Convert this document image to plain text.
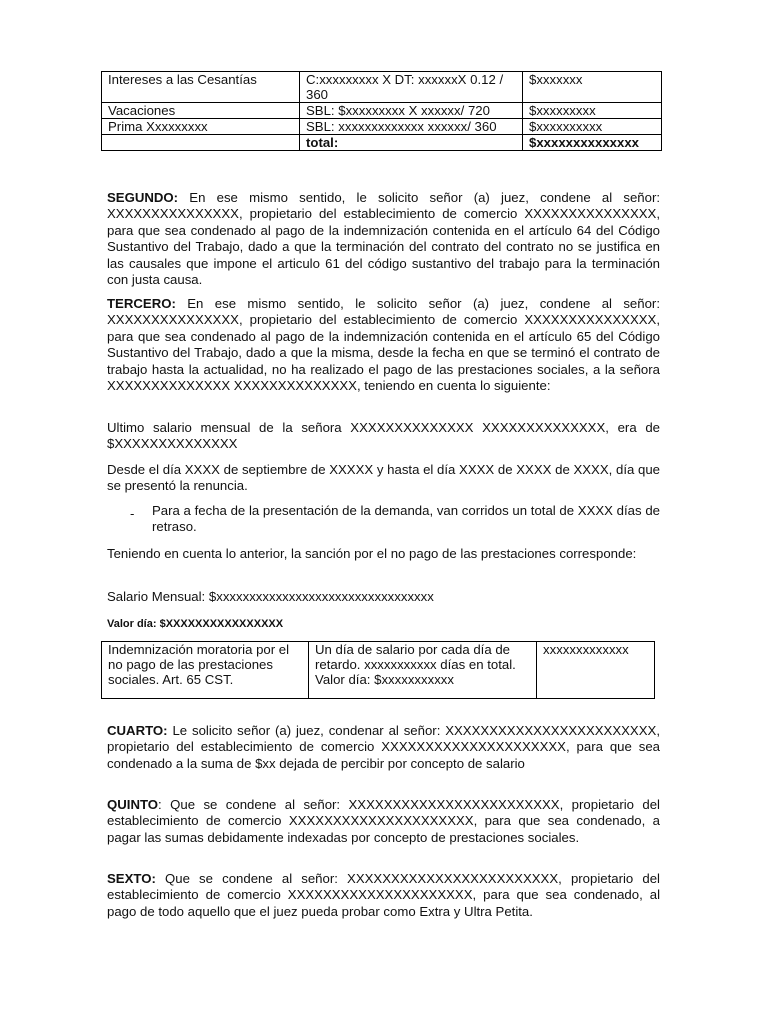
Intereses a las Cesantías	C:xxxxxxxxx X DT: xxxxxxX 0.12 / 360	$xxxxxxx
Vacaciones	SBL: $xxxxxxxxx X xxxxxx/ 720	$xxxxxxxxx
Prima Xxxxxxxxx	SBL: xxxxxxxxxxxxx xxxxxx/ 360	$xxxxxxxxxx
	total:	$xxxxxxxxxxxxxx

SEGUNDO: En ese mismo sentido, le solicito señor (a) juez, condene al señor: XXXXXXXXXXXXXXX, propietario del establecimiento de comercio XXXXXXXXXXXXXXX, para que sea condenado al pago de la indemnización contenida en el artículo 64 del Código Sustantivo del Trabajo, dado a que la terminación del contrato del contrato no se justifica en las causales que impone el articulo 61 del código sustantivo del trabajo para la terminación con justa causa.

TERCERO: En ese mismo sentido, le solicito señor (a) juez, condene al señor: XXXXXXXXXXXXXXX, propietario del establecimiento de comercio XXXXXXXXXXXXXXX, para que sea condenado al pago de la indemnización contenida en el artículo 65 del Código Sustantivo del Trabajo, dado a que la misma, desde la fecha en que se terminó el contrato de trabajo hasta la actualidad, no ha realizado el pago de las prestaciones sociales, a la señora XXXXXXXXXXXXXX XXXXXXXXXXXXXX, teniendo en cuenta lo siguiente:

Ultimo salario mensual de la señora XXXXXXXXXXXXXX XXXXXXXXXXXXXX, era de $XXXXXXXXXXXXXX

Desde el día XXXX de septiembre de XXXXX y hasta el día XXXX de XXXX de XXXX, día que se presentó la renuncia.

- Para a fecha de la presentación de la demanda, van corridos un total de XXXX días de retraso.

Teniendo en cuenta lo anterior, la sanción por el no pago de las prestaciones corresponde:

Salario Mensual: $xxxxxxxxxxxxxxxxxxxxxxxxxxxxxxxxx

Valor día: $XXXXXXXXXXXXXXXX

Indemnización moratoria por el no pago de las prestaciones sociales. Art. 65 CST.	Un día de salario por cada día de retardo. xxxxxxxxxxx días en total. Valor día: $xxxxxxxxxxx	xxxxxxxxxxxxx

CUARTO: Le solicito señor (a) juez, condenar al señor: XXXXXXXXXXXXXXXXXXXXXXXX, propietario del establecimiento de comercio XXXXXXXXXXXXXXXXXXXXX, para que sea condenado a la suma de $xx dejada de percibir por concepto de salario

QUINTO: Que se condene al señor: XXXXXXXXXXXXXXXXXXXXXXXX, propietario del establecimiento de comercio XXXXXXXXXXXXXXXXXXXXX, para que sea condenado, a pagar las sumas debidamente indexadas por concepto de prestaciones sociales.

SEXTO: Que se condene al señor: XXXXXXXXXXXXXXXXXXXXXXXX, propietario del establecimiento de comercio XXXXXXXXXXXXXXXXXXXXX, para que sea condenado, al pago de todo aquello que el juez pueda probar como Extra y Ultra Petita.
